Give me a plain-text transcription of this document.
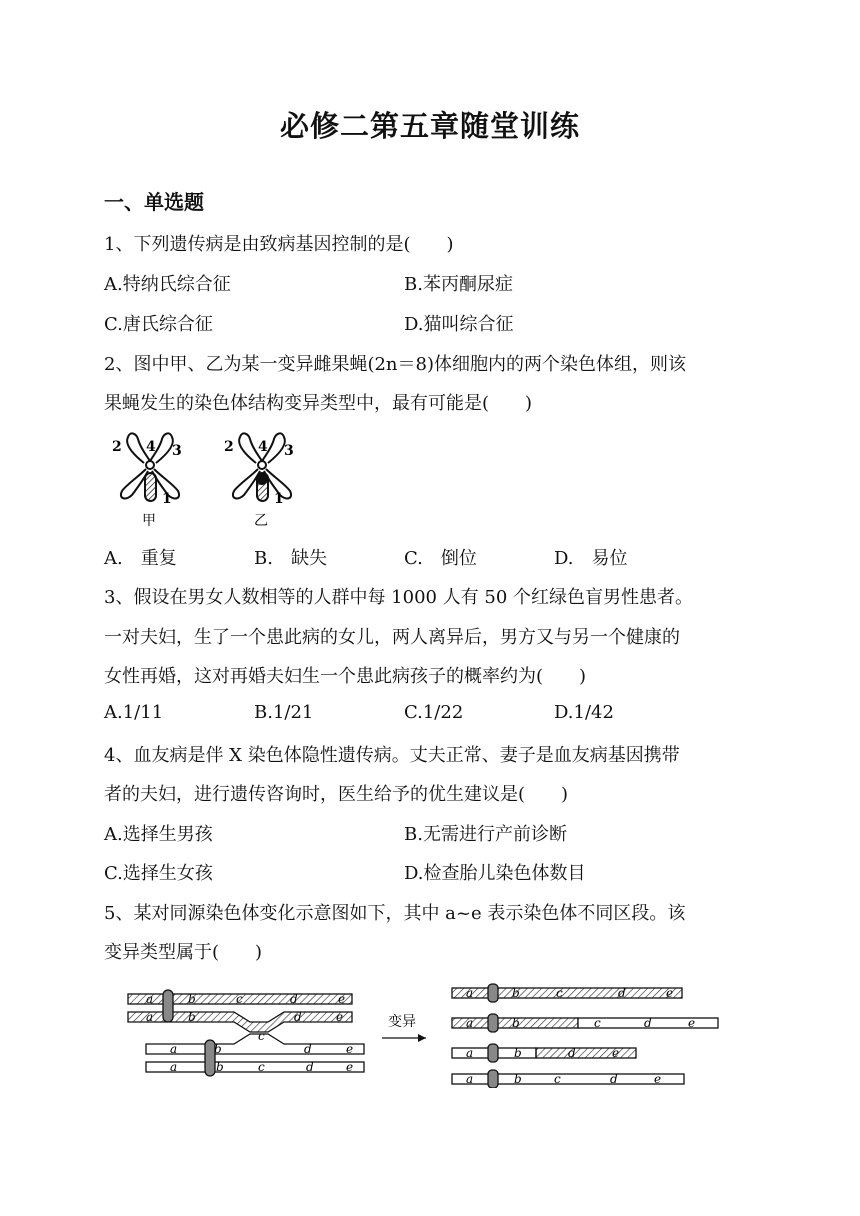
必修二第五章随堂训练
一、单选题
1、下列遗传病是由致病基因控制的是(　　)
A.特纳氏综合征	B.苯丙酮尿症
C.唐氏综合征	D.猫叫综合征
2、图中甲、乙为某一变异雌果蝇(2n＝8)体细胞内的两个染色体组，则该
果蝇发生的染色体结构变异类型中，最有可能是(　　)
2 4 3
1
甲
2 4 3
1
乙
A.　重复	B.　缺失	C.　倒位	D.　易位
3、假设在男女人数相等的人群中每 1000 人有 50 个红绿色盲男性患者。
一对夫妇，生了一个患此病的女儿，两人离异后，男方又与另一个健康的
女性再婚，这对再婚夫妇生一个患此病孩子的概率约为(　　)
A.1/11	B.1/21	C.1/22	D.1/42
4、血友病是伴 X 染色体隐性遗传病。丈夫正常、妻子是血友病基因携带
者的夫妇，进行遗传咨询时，医生给予的优生建议是(　　)
A.选择生男孩	B.无需进行产前诊断
C.选择生女孩	D.检查胎儿染色体数目
5、某对同源染色体变化示意图如下，其中 a~e 表示染色体不同区段。该
变异类型属于(　　)
a	b	c	d	e
a	b
c
d	e
a	b	d	e
a	b	c	d	e
变异
a	b	c	d	e
a	b	c	d	e
a	b	d	e
a	b	c	d	e
